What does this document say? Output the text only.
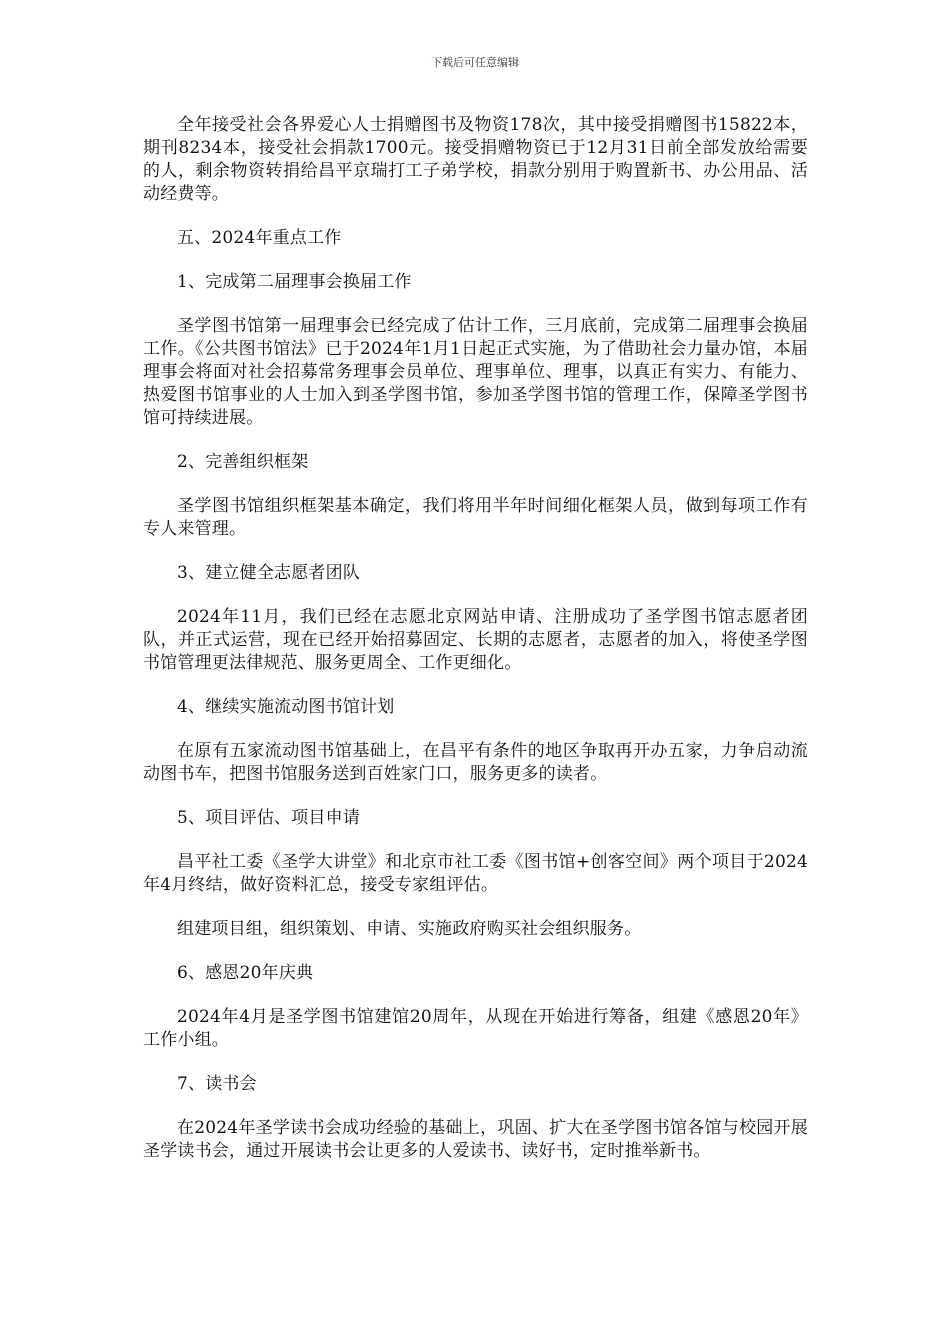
下载后可任意编辑

全年接受社会各界爱心人士捐赠图书及物资178次，其中接受捐赠图书15822本，期刊8234本，接受社会捐款1700元。接受捐赠物资已于12月31日前全部发放给需要的人，剩余物资转捐给昌平京瑞打工子弟学校，捐款分别用于购置新书、办公用品、活动经费等。

五、2024年重点工作

1、完成第二届理事会换届工作

圣学图书馆第一届理事会已经完成了估计工作，三月底前，完成第二届理事会换届工作。《公共图书馆法》已于2024年1月1日起正式实施，为了借助社会力量办馆，本届理事会将面对社会招募常务理事会员单位、理事单位、理事，以真正有实力、有能力、热爱图书馆事业的人士加入到圣学图书馆，参加圣学图书馆的管理工作，保障圣学图书馆可持续进展。

2、完善组织框架

圣学图书馆组织框架基本确定，我们将用半年时间细化框架人员，做到每项工作有专人来管理。

3、建立健全志愿者团队

2024年11月，我们已经在志愿北京网站申请、注册成功了圣学图书馆志愿者团队，并正式运营，现在已经开始招募固定、长期的志愿者，志愿者的加入，将使圣学图书馆管理更法律规范、服务更周全、工作更细化。

4、继续实施流动图书馆计划

在原有五家流动图书馆基础上，在昌平有条件的地区争取再开办五家，力争启动流动图书车，把图书馆服务送到百姓家门口，服务更多的读者。

5、项目评估、项目申请

昌平社工委《圣学大讲堂》和北京市社工委《图书馆+创客空间》两个项目于2024年4月终结，做好资料汇总，接受专家组评估。

组建项目组，组织策划、申请、实施政府购买社会组织服务。

6、感恩20年庆典

2024年4月是圣学图书馆建馆20周年，从现在开始进行筹备，组建《感恩20年》工作小组。

7、读书会

在2024年圣学读书会成功经验的基础上，巩固、扩大在圣学图书馆各馆与校园开展圣学读书会，通过开展读书会让更多的人爱读书、读好书，定时推举新书。
